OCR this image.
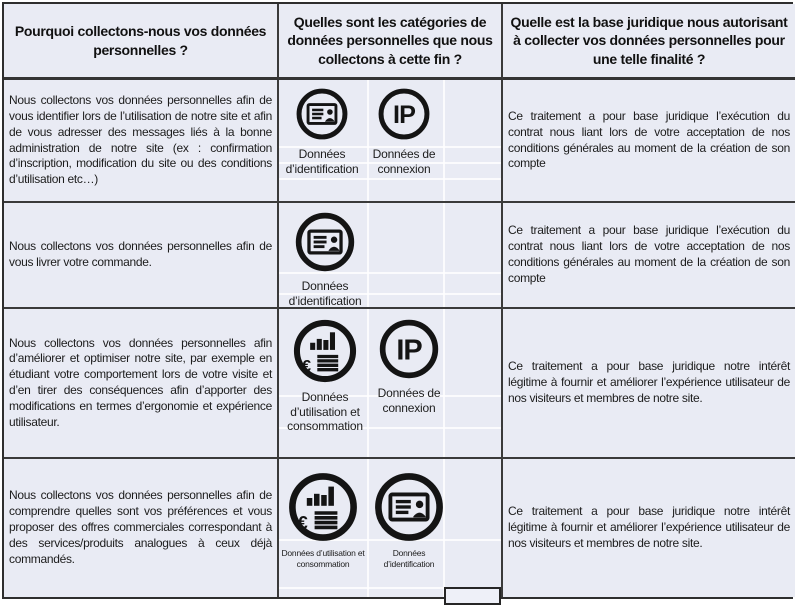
Pourquoi collectons-nous vos données personnelles ?
Quelles sont les catégories de données personnelles que nous collectons à cette fin ?
Quelle est la base juridique nous autorisant à collecter vos données personnelles pour une telle finalité ?
Nous collectons vos données personnelles afin de vous identifier lors de l’utilisation de notre site et afin de vous adresser des messages liés à la bonne administration de notre site (ex : confirmation d’inscription, modification du site ou des conditions d’utilisation etc…)
Données d’identification
IP
Données de connexion
Ce traitement a pour base juridique l’exécution du contrat nous liant lors de votre acceptation de nos conditions générales au moment de la création de son compte
Nous collectons vos données personnelles afin de vous livrer votre commande.
Données d’identification
Ce traitement a pour base juridique l’exécution du contrat nous liant lors de votre acceptation de nos conditions générales au moment de la création de son compte
Nous collectons vos données personnelles afin d’améliorer et optimiser notre site, par exemple en étudiant votre comportement lors de votre visite et d’en tirer des conséquences afin d’apporter des modifications en termes d’ergonomie et expérience utilisateur.
€
Données d’utilisation et consommation
IP
Données de connexion
Ce traitement a pour base juridique notre intérêt légitime à fournir et améliorer l’expérience utilisateur de nos visiteurs et membres de notre site.
Nous collectons vos données personnelles afin de comprendre quelles sont vos préférences et vous proposer des offres commerciales correspondant à des services/produits analogues à ceux déjà commandés.
€
Données d’utilisation et consommation
Données d’identification
Ce traitement a pour base juridique notre intérêt légitime à fournir et améliorer l’expérience utilisateur de nos visiteurs et membres de notre site.
